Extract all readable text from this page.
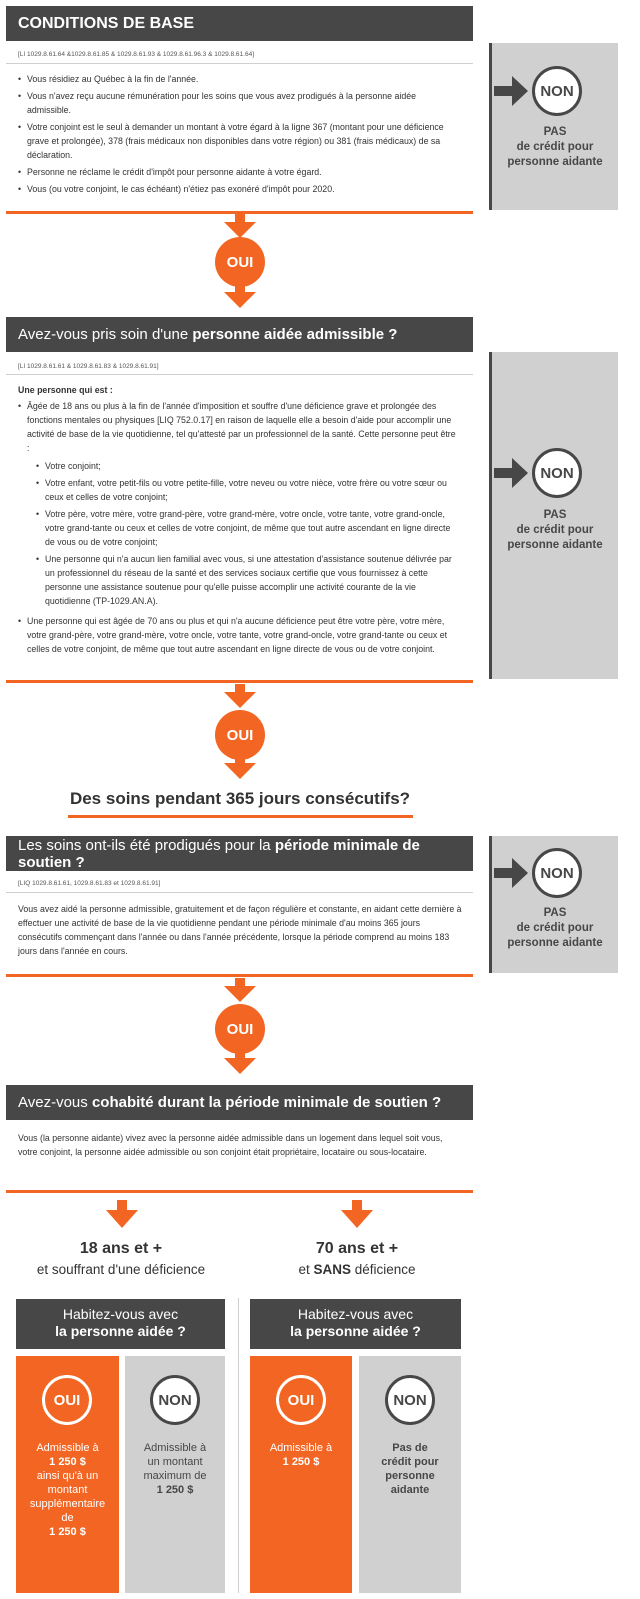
CONDITIONS DE BASE
[LI 1029.8.61.64 &1029.8.61.85 & 1029.8.61.93 & 1029.8.61.96.3 & 1029.8.61.64]
• Vous résidiez au Québec à la fin de l'année.
• Vous n'avez reçu aucune rémunération pour les soins que vous avez prodigués à la personne aidée admissible.
• Votre conjoint est le seul à demander un montant à votre égard à la ligne 367 (montant pour une déficience grave et prolongée), 378 (frais médicaux non disponibles dans votre région) ou 381 (frais médicaux) de sa déclaration.
• Personne ne réclame le crédit d'impôt pour personne aidante à votre égard.
• Vous (ou votre conjoint, le cas échéant) n'étiez pas exonéré d'impôt pour 2020.
NON
PAS
de crédit pour
personne aidante
OUI
Avez-vous pris soin d'une personne aidée admissible ?
[LI 1029.8.61.61 & 1029.8.61.83 & 1029.8.61.91]
Une personne qui est :
• Âgée de 18 ans ou plus à la fin de l'année d'imposition et souffre d'une déficience grave et prolongée des fonctions mentales ou physiques [LIQ 752.0.17] en raison de laquelle elle a besoin d'aide pour accomplir une activité de base de la vie quotidienne, tel qu'attesté par un professionnel de la santé. Cette personne peut être :
• Votre conjoint;
• Votre enfant, votre petit-fils ou votre petite-fille, votre neveu ou votre nièce, votre frère ou votre sœur ou ceux et celles de votre conjoint;
• Votre père, votre mère, votre grand-père, votre grand-mère, votre oncle, votre tante, votre grand-oncle, votre grand-tante ou ceux et celles de votre conjoint, de même que tout autre ascendant en ligne directe de vous ou de votre conjoint;
• Une personne qui n'a aucun lien familial avec vous, si une attestation d'assistance soutenue délivrée par un professionnel du réseau de la santé et des services sociaux certifie que vous fournissez à cette personne une assistance soutenue pour qu'elle puisse accomplir une activité courante de la vie quotidienne (TP-1029.AN.A).
• Une personne qui est âgée de 70 ans ou plus et qui n'a aucune déficience peut être votre père, votre mère, votre grand-père, votre grand-mère, votre oncle, votre tante, votre grand-oncle, votre grand-tante ou ceux et celles de votre conjoint, de même que tout autre ascendant en ligne directe de vous ou de votre conjoint.
NON
PAS
de crédit pour
personne aidante
OUI
Des soins pendant 365 jours consécutifs?
Les soins ont-ils été prodigués pour la période minimale de soutien ?
[LIQ 1029.8.61.61, 1029.8.61.83 et 1029.8.61.91]
Vous avez aidé la personne admissible, gratuitement et de façon régulière et constante, en aidant cette dernière à effectuer une activité de base de la vie quotidienne pendant une période minimale d'au moins 365 jours consécutifs commençant dans l'année ou dans l'année précédente, lorsque la période comprend au moins 183 jours dans l'année en cours.
NON
PAS
de crédit pour
personne aidante
OUI
Avez-vous cohabité durant la période minimale de soutien ?
Vous (la personne aidante) vivez avec la personne aidée admissible dans un logement dans lequel soit vous, votre conjoint, la personne aidée admissible ou son conjoint était propriétaire, locataire ou sous-locataire.
18 ans et +
et souffrant d'une déficience
70 ans et +
et SANS déficience
Habitez-vous avec
la personne aidée ?
OUI
Admissible à
1 250 $
ainsi qu'à un
montant
supplémentaire
de
1 250 $
NON
Admissible à
un montant
maximum de
1 250 $
Habitez-vous avec
la personne aidée ?
OUI
Admissible à
1 250 $
NON
Pas de
crédit pour
personne
aidante
